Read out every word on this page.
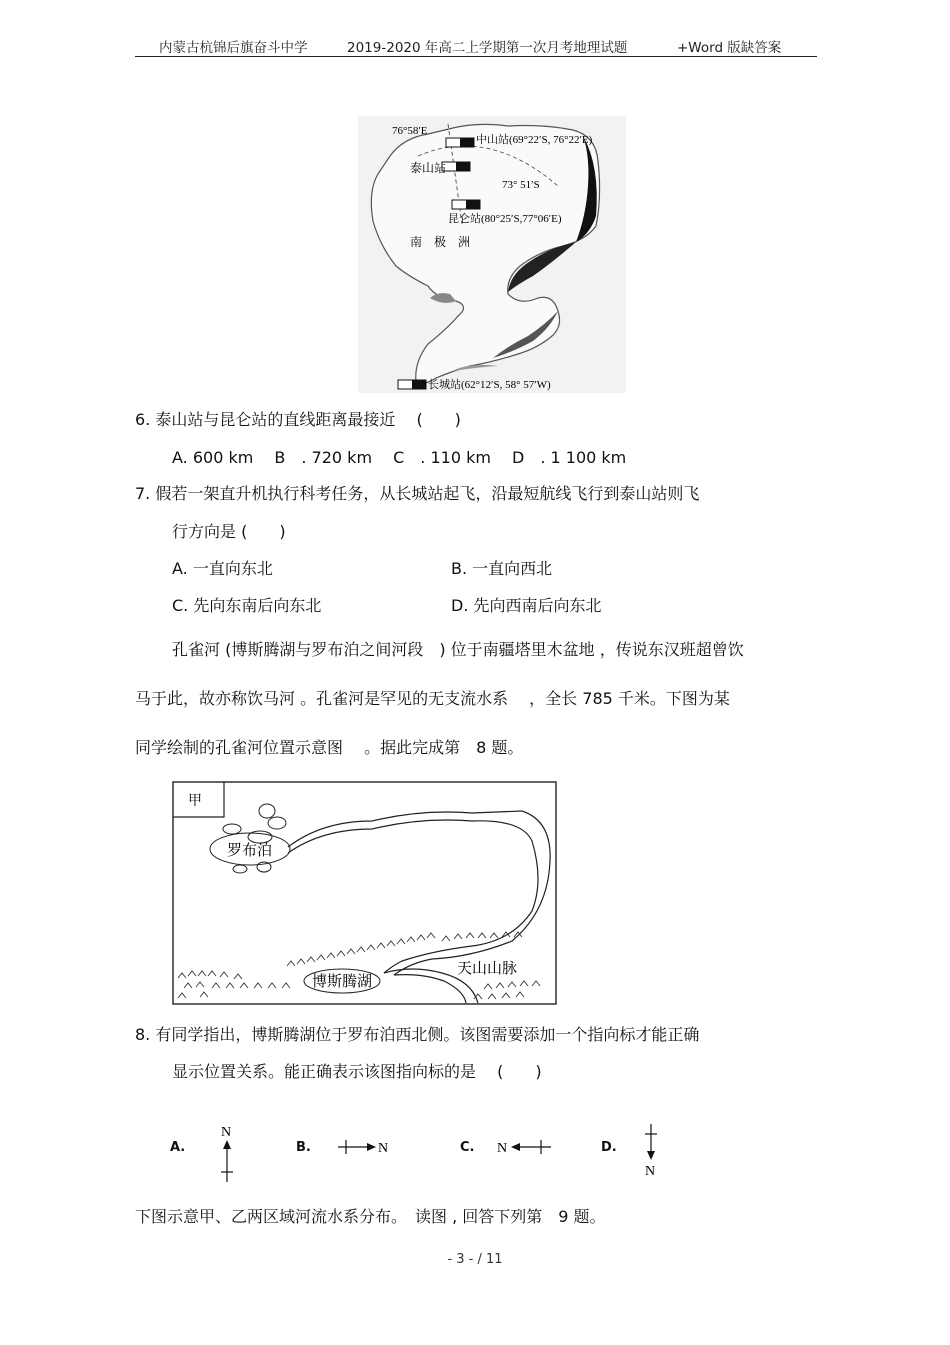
内蒙古杭锦后旗奋斗中学	2019-2020 年高二上学期第一次月考地理试题	+Word 版缺答案
76°58′E
中山站(69°22′S, 76°22′E)
泰山站
73° 51′S
昆仑站(80°25′S,77°06′E)
南　极　洲
长城站(62°12′S, 58° 57′W)
6. 泰山站与昆仑站的直线距离最接近 　(　　)
A. 600 km　 B　. 720 km　 C　. 110 km　 D　. 1 100 km
7. 假若一架直升机执行科考任务，从长城站起飞，沿最短航线飞行到泰山站则飞
行方向是 (　　)
A. 一直向东北	B. 一直向西北
C. 先向东南后向东北	D. 先向西南后向东北
孔雀河 (博斯腾湖与罗布泊之间河段　) 位于南疆塔里木盆地 ，传说东汉班超曾饮
马于此，故亦称饮马河 。孔雀河是罕见的无支流水系 　，全长 785 千米。下图为某
同学绘制的孔雀河位置示意图 　。据此完成第　8 题。
甲
罗布泊
博斯腾湖
天山山脉
8. 有同学指出，博斯腾湖位于罗布泊西北侧。该图需要添加一个指向标才能正确
显示位置关系。能正确表示该图指向标的是 　(　　)
A.
N
B.	N	C. N	D.
N
下图示意甲、乙两区域河流水系分布。　读图 , 回答下列第　9 题。
- 3 - / 11
